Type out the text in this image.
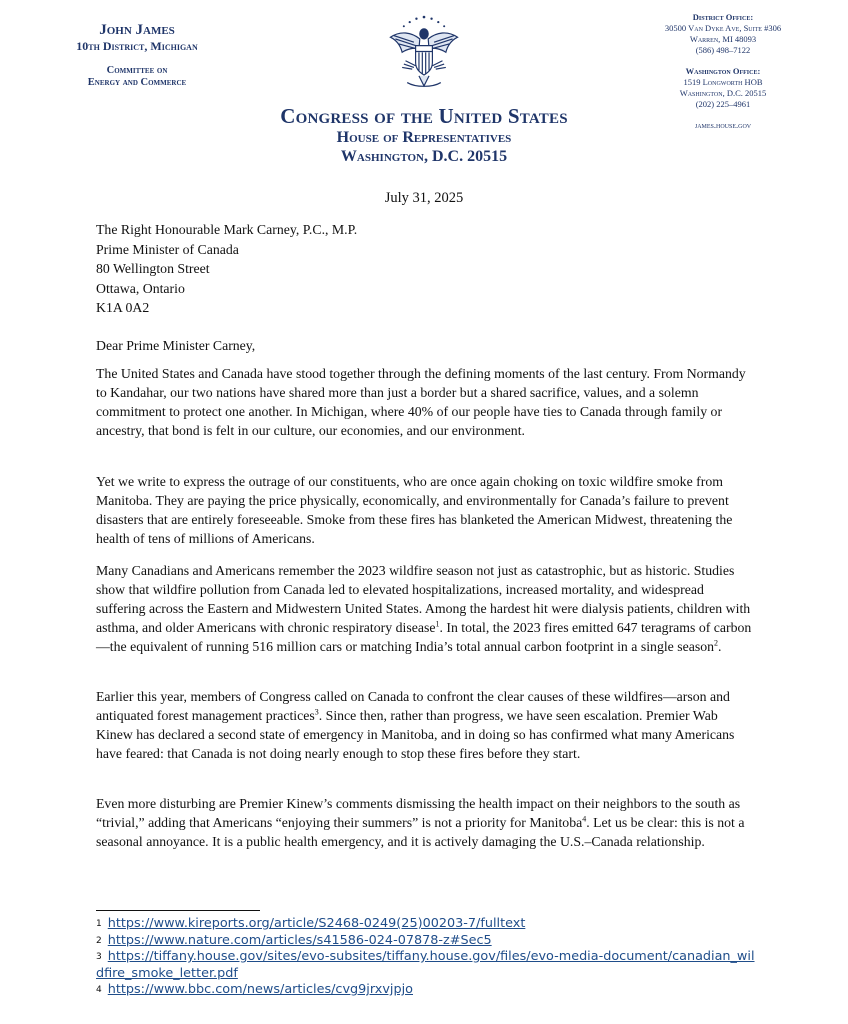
John James
10th District, Michigan
Committee on
Energy and Commerce
Congress of the United States
House of Representatives
Washington, D.C. 20515
District Office:
30500 Van Dyke Ave, Suite #306
Warren, MI 48093
(586) 498–7122
Washington Office:
1519 Longworth HOB
Washington, D.C. 20515
(202) 225–4961
james.house.gov
July 31, 2025
The Right Honourable Mark Carney, P.C., M.P.
Prime Minister of Canada
80 Wellington Street
Ottawa, Ontario
K1A 0A2
Dear Prime Minister Carney,
The United States and Canada have stood together through the defining moments of the last century. From Normandy to Kandahar, our two nations have shared more than just a border but a shared sacrifice, values, and a solemn commitment to protect one another. In Michigan, where 40% of our people have ties to Canada through family or ancestry, that bond is felt in our culture, our economies, and our environment.
Yet we write to express the outrage of our constituents, who are once again choking on toxic wildfire smoke from Manitoba. They are paying the price physically, economically, and environmentally for Canada’s failure to prevent disasters that are entirely foreseeable. Smoke from these fires has blanketed the American Midwest, threatening the health of tens of millions of Americans.
Many Canadians and Americans remember the 2023 wildfire season not just as catastrophic, but as historic. Studies show that wildfire pollution from Canada led to elevated hospitalizations, increased mortality, and widespread suffering across the Eastern and Midwestern United States. Among the hardest hit were dialysis patients, children with asthma, and older Americans with chronic respiratory disease$^1$. In total, the 2023 fires emitted 647 teragrams of carbon—the equivalent of running 516 million cars or matching India’s total annual carbon footprint in a single season$^2$.
Earlier this year, members of Congress called on Canada to confront the clear causes of these wildfires—arson and antiquated forest management practices$^3$. Since then, rather than progress, we have seen escalation. Premier Wab Kinew has declared a second state of emergency in Manitoba, and in doing so has confirmed what many Americans have feared: that Canada is not doing nearly enough to stop these fires before they start.
Even more disturbing are Premier Kinew’s comments dismissing the health impact on their neighbors to the south as “trivial,” adding that Americans “enjoying their summers” is not a priority for Manitoba$^4$. Let us be clear: this is not a seasonal annoyance. It is a public health emergency, and it is actively damaging the U.S.–Canada relationship.

$^1$ https://www.kireports.org/article/S2468-0249(25)00203-7/fulltext

$^2$ https://www.nature.com/articles/s41586-024-07878-z#Sec5

$^3$ https://tiffany.house.gov/sites/evo-subsites/tiffany.house.gov/files/evo-media-document/canadian_wildfire_smoke_letter.pdf

$^4$ https://www.bbc.com/news/articles/cvg9jrxvjpjo
